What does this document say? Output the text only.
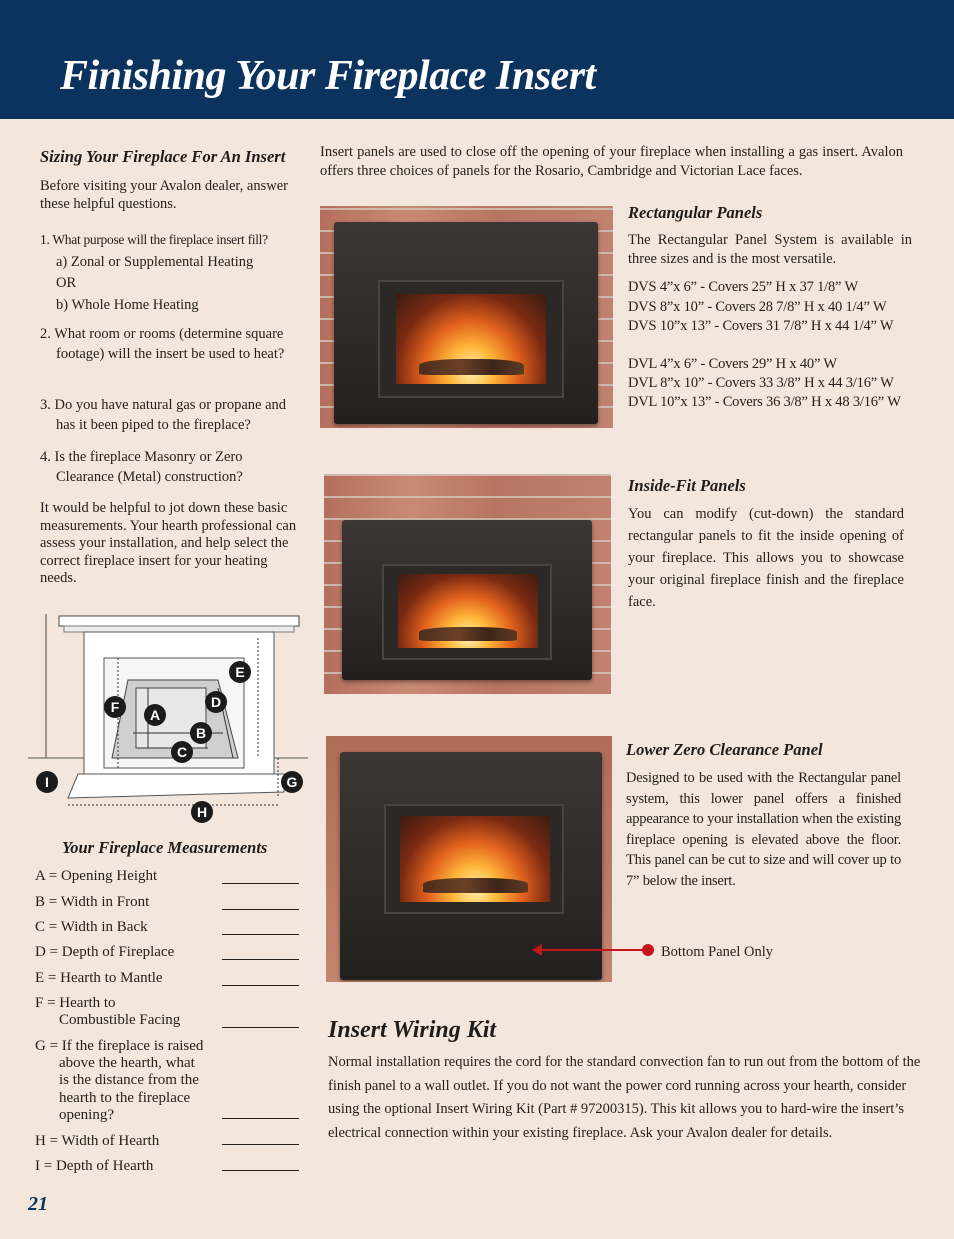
Finishing Your Fireplace Insert
Sizing Your Fireplace For An Insert
Before visiting your Avalon dealer, answer these helpful questions.
1. What purpose will the fireplace insert fill?
a) Zonal or Supplemental Heating
OR
b) Whole Home Heating
2. What room or rooms (determine square footage) will the insert be used to heat?
3. Do you have natural gas or propane and has it been piped to the fireplace?
4. Is the fireplace Masonry or Zero Clearance (Metal) construction?
It would be helpful to jot down these basic measurements. Your hearth professional can assess your installation, and help select the correct fireplace insert for your heating needs.
E
D
F	A
B
C
I	G
H
Your Fireplace Measurements
A = Opening Height
B = Width in Front
C = Width in Back
D = Depth of Fireplace
E = Hearth to Mantle
F = Hearth to
Combustible Facing
G = If the fireplace is raised
above the hearth, what
is the distance from the
hearth to the fireplace
opening?
H = Width of Hearth
I = Depth of Hearth
21
Insert panels are used to close off the opening of your fireplace when installing a gas insert. Avalon offers three choices of panels for the Rosario, Cambridge and Victorian Lace faces.
Rectangular Panels
The Rectangular Panel System is available in three sizes and is the most versatile.
DVS 4”x 6” - Covers 25” H x 37 1/8” W
DVS 8”x 10” - Covers 28 7/8” H x 40 1/4” W
DVS 10”x 13” - Covers 31 7/8” H x 44 1/4” W
DVL 4”x 6” - Covers 29” H x 40” W
DVL 8”x 10” - Covers 33 3/8” H x 44 3/16” W
DVL 10”x 13” - Covers 36 3/8” H x 48 3/16” W
Inside-Fit Panels
You can modify (cut-down) the standard rectangular panels to fit the inside opening of your fireplace. This allows you to showcase your original fireplace finish and the fireplace face.
Bottom Panel Only
Lower Zero Clearance Panel
Designed to be used with the Rectangular panel system, this lower panel offers a finished appearance to your installation when the existing fireplace opening is elevated above the floor. This panel can be cut to size and will cover up to 7” below the insert.
Insert Wiring Kit
Normal installation requires the cord for the standard convection fan to run out from the bottom of the finish panel to a wall outlet. If you do not want the power cord running across your hearth, consider using the optional Insert Wiring Kit (Part # 97200315). This kit allows you to hard-wire the insert’s electrical connection within your existing fireplace. Ask your Avalon dealer for details.
